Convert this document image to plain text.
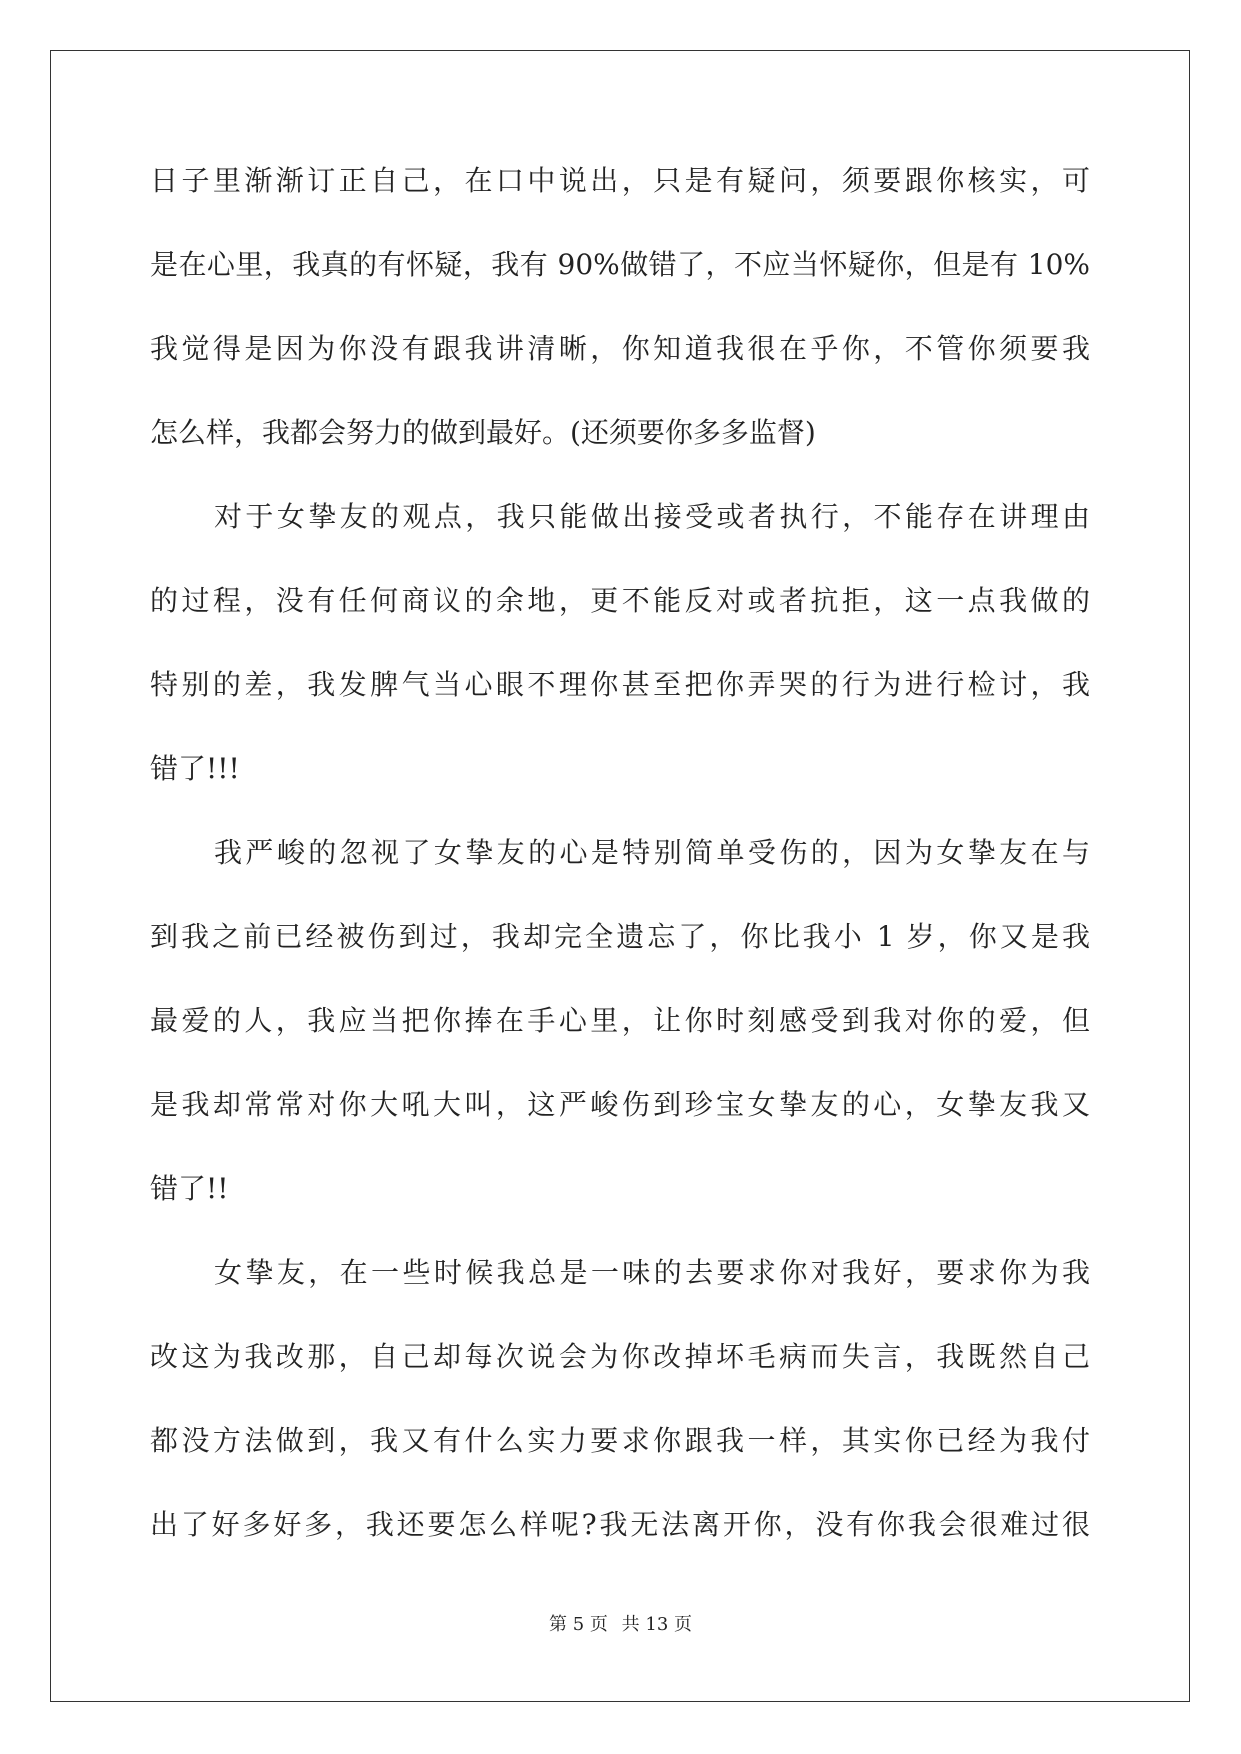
日子里渐渐订正自己，在口中说出，只是有疑问，须要跟你核实，可
是在心里，我真的有怀疑，我有 90%做错了，不应当怀疑你，但是有 10%
我觉得是因为你没有跟我讲清晰，你知道我很在乎你，不管你须要我
怎么样，我都会努力的做到最好。(还须要你多多监督)
对于女挚友的观点，我只能做出接受或者执行，不能存在讲理由
的过程，没有任何商议的余地，更不能反对或者抗拒，这一点我做的
特别的差，我发脾气当心眼不理你甚至把你弄哭的行为进行检讨，我
错了!!!
我严峻的忽视了女挚友的心是特别简单受伤的，因为女挚友在与
到我之前已经被伤到过，我却完全遗忘了，你比我小 1 岁，你又是我
最爱的人，我应当把你捧在手心里，让你时刻感受到我对你的爱，但
是我却常常对你大吼大叫，这严峻伤到珍宝女挚友的心，女挚友我又
错了!!
女挚友，在一些时候我总是一味的去要求你对我好，要求你为我
改这为我改那，自己却每次说会为你改掉坏毛病而失言，我既然自己
都没方法做到，我又有什么实力要求你跟我一样，其实你已经为我付
出了好多好多，我还要怎么样呢?我无法离开你，没有你我会很难过很
第 5 页 共 13 页
